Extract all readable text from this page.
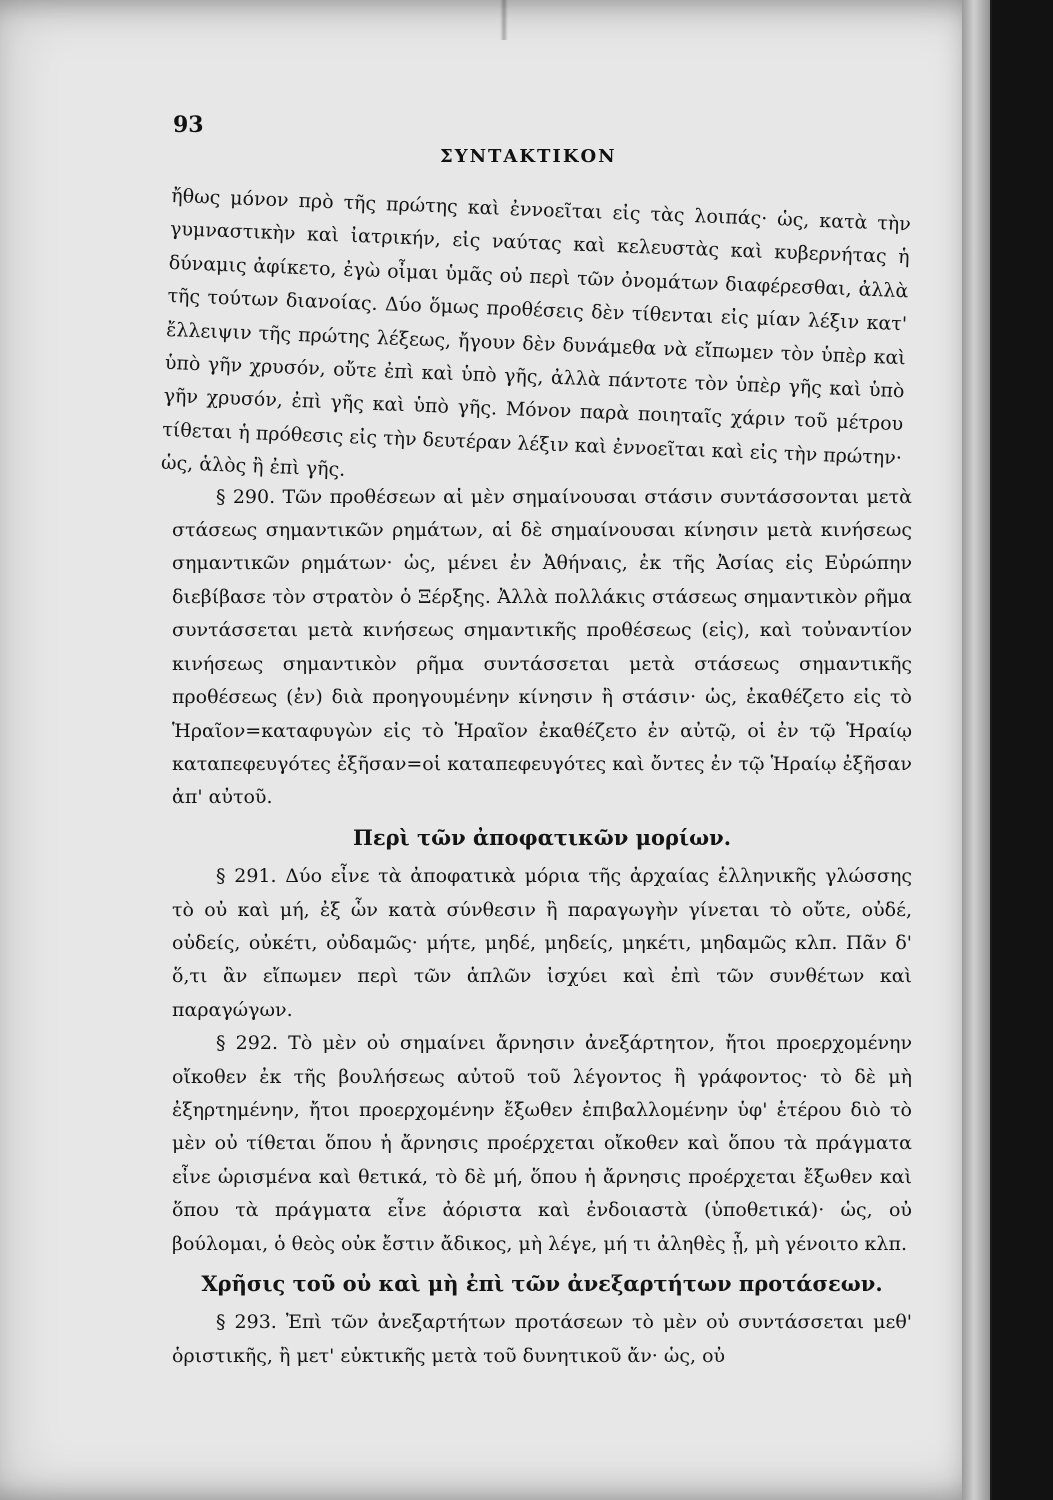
93
ΣΥΝΤΑΚΤΙΚΟΝ

ἤθως μόνον πρὸ τῆς πρώτης καὶ ἐννοεῖται εἰς τὰς λοιπάς· ὡς, κατὰ τὴν γυμναστικὴν καὶ ἰατρικήν, εἰς ναύτας καὶ κελευστὰς καὶ κυβερνήτας ἡ δύναμις ἀφίκετο, ἐγὼ οἶμαι ὑμᾶς οὐ περὶ τῶν ὀνομάτων διαφέρεσθαι, ἀλλὰ τῆς τούτων διανοίας. Δύο ὅμως προθέσεις δὲν τίθενται εἰς μίαν λέξιν κατ' ἔλλειψιν τῆς πρώτης λέξεως, ἤγουν δὲν δυνάμεθα νὰ εἴπωμεν τὸν ὑπὲρ καὶ ὑπὸ γῆν χρυσόν, οὔτε ἐπὶ καὶ ὑπὸ γῆς, ἀλλὰ πάντοτε τὸν ὑπὲρ γῆς καὶ ὑπὸ γῆν χρυσόν, ἐπὶ γῆς καὶ ὑπὸ γῆς. Μόνον παρὰ ποιηταῖς χάριν τοῦ μέτρου τίθεται ἡ πρόθεσις εἰς τὴν δευτέραν λέξιν καὶ ἐννοεῖται καὶ εἰς τὴν πρώτην· ὡς, ἁλὸς ἢ ἐπὶ γῆς.

§ 290. Τῶν προθέσεων αἱ μὲν σημαίνουσαι στάσιν συντάσσονται μετὰ στάσεως σημαντικῶν ρημάτων, αἱ δὲ σημαίνουσαι κίνησιν μετὰ κινήσεως σημαντικῶν ρημάτων· ὡς, μένει ἐν Ἀθήναις, ἐκ τῆς Ἀσίας εἰς Εὐρώπην διεβίβασε τὸν στρατὸν ὁ Ξέρξης. Ἀλλὰ πολλάκις στάσεως σημαντικὸν ρῆμα συντάσσεται μετὰ κινήσεως σημαντικῆς προθέσεως (εἰς), καὶ τοὐναντίον κινήσεως σημαντικὸν ρῆμα συντάσσεται μετὰ στάσεως σημαντικῆς προθέσεως (ἐν) διὰ προηγουμένην κίνησιν ἢ στάσιν· ὡς, ἐκαθέζετο εἰς τὸ Ἡραῖον=καταφυγὼν εἰς τὸ Ἡραῖον ἐκαθέζετο ἐν αὐτῷ, οἱ ἐν τῷ Ἡραίῳ καταπεφευγότες ἐξῆσαν=οἱ καταπεφευγότες καὶ ὄντες ἐν τῷ Ἡραίῳ ἐξῆσαν ἀπ' αὐτοῦ.

Περὶ τῶν ἀποφατικῶν μορίων.

§ 291. Δύο εἶνε τὰ ἀποφατικὰ μόρια τῆς ἀρχαίας ἑλληνικῆς γλώσσης τὸ οὐ καὶ μή, ἐξ ὧν κατὰ σύνθεσιν ἢ παραγωγὴν γίνεται τὸ οὔτε, οὐδέ, οὐδείς, οὐκέτι, οὐδαμῶς· μήτε, μηδέ, μηδείς, μηκέτι, μηδαμῶς κλπ. Πᾶν δ' ὅ,τι ἂν εἴπωμεν περὶ τῶν ἁπλῶν ἰσχύει καὶ ἐπὶ τῶν συνθέτων καὶ παραγώγων.

§ 292. Τὸ μὲν οὐ σημαίνει ἄρνησιν ἀνεξάρτητον, ἤτοι προερχομένην οἴκοθεν ἐκ τῆς βουλήσεως αὐτοῦ τοῦ λέγοντος ἢ γράφοντος· τὸ δὲ μὴ ἐξηρτημένην, ἤτοι προερχομένην ἔξωθεν ἐπιβαλλομένην ὑφ' ἑτέρου διὸ τὸ μὲν οὐ τίθεται ὅπου ἡ ἄρνησις προέρχεται οἴκοθεν καὶ ὅπου τὰ πράγματα εἶνε ὡρισμένα καὶ θετικά, τὸ δὲ μή, ὅπου ἡ ἄρνησις προέρχεται ἔξωθεν καὶ ὅπου τὰ πράγματα εἶνε ἀόριστα καὶ ἐνδοιαστὰ (ὑποθετικά)· ὡς, οὐ βούλομαι, ὁ θεὸς οὐκ ἔστιν ἄδικος, μὴ λέγε, μή τι ἀληθὲς ᾖ, μὴ γένοιτο κλπ.

Χρῆσις τοῦ οὐ καὶ μὴ ἐπὶ τῶν ἀνεξαρτήτων προτάσεων.

§ 293. Ἐπὶ τῶν ἀνεξαρτήτων προτάσεων τὸ μὲν οὐ συντάσσεται μεθ' ὁριστικῆς, ἢ μετ' εὐκτικῆς μετὰ τοῦ δυνητικοῦ ἄν· ὡς, οὐ
